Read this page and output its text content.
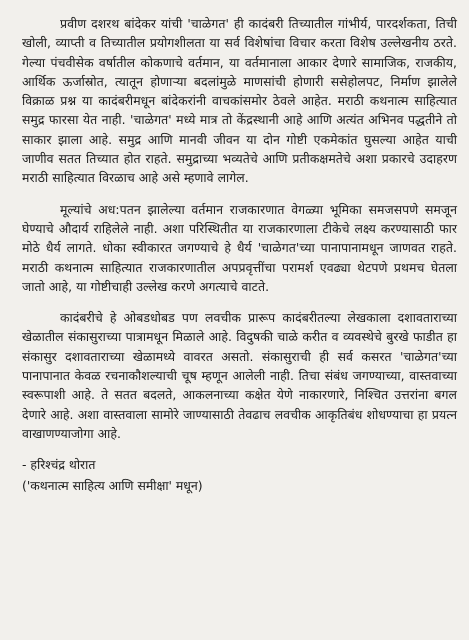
प्रवीण दशरथ बांदेकर यांची 'चाळेगत' ही कादंबरी तिच्यातील गांभीर्य, पारदर्शकता, तिची खोली, व्याप्ती व तिच्यातील प्रयोगशीलता या सर्व विशेषांचा विचार करता विशेष उल्लेखनीय ठरते. गेल्या पंचवीसेक वर्षातील कोकणाचे वर्तमान, या वर्तमानाला आकार देणारे सामाजिक, राजकीय, आर्थिक ऊर्जास्रोत, त्यातून होणाऱ्या बदलांमुळे माणसांची होणारी ससेहोलपट, निर्माण झालेले विक्राळ प्रश्न या कादंबरीमधून बांदेकरांनी वाचकांसमोर ठेवले आहेत. मराठी कथनात्म साहित्यात समुद्र फारसा येत नाही. 'चाळेगत' मध्ये मात्र तो केंद्रस्थानी आहे आणि अत्यंत अभिनव पद्धतीने तो साकार झाला आहे. समुद्र आणि मानवी जीवन या दोन गोष्टी एकमेकांत घुसल्या आहेत याची जाणीव सतत तिच्यात होत राहते. समुद्राच्या भव्यतेचे आणि प्रतीकक्षमतेचे अशा प्रकारचे उदाहरण मराठी साहित्यात विरळाच आहे असे म्हणावे लागेल.

मूल्यांचे अध:पतन झालेल्या वर्तमान राजकारणात वेगळ्या भूमिका समजसपणे समजून घेण्याचे औदार्य राहिलेले नाही. अशा परिस्थितीत या राजकारणाला टीकेचे लक्ष्य करण्यासाठी फार मोठे धैर्य लागते. धोका स्वीकारत जगण्याचे हे धैर्य 'चाळेगत'च्या पानापानामधून जाणवत राहते. मराठी कथनात्म साहित्यात राजकारणातील अपप्रवृत्तींचा परामर्श एवढ्या थेटपणे प्रथमच घेतला जातो आहे, या गोष्टीचाही उल्लेख करणे अगत्याचे वाटते.

कादंबरीचे हे ओबडधोबड पण लवचीक प्रारूप कादंबरीतल्या लेखकाला दशावताराच्या खेळातील संकासुराच्या पात्रामधून मिळाले आहे. विदुषकी चाळे करीत व व्यवस्थेचे बुरखे फाडीत हा संकासुर दशावताराच्या खेळामध्ये वावरत असतो. संकासुराची ही सर्व कसरत 'चाळेगत'च्या पानापानात केवळ रचनाकौशल्याची चूष म्हणून आलेली नाही. तिचा संबंध जगण्याच्या, वास्तवाच्या स्वरूपाशी आहे. ते सतत बदलते, आकलनाच्या कक्षेत येणे नाकारणारे, निश्चित उत्तरांना बगल देणारे आहे. अशा वास्तवाला सामोरे जाण्यासाठी तेवढाच लवचीक आकृतिबंध शोधण्याचा हा प्रयत्न वाखाणण्याजोगा आहे.

- हरिश्चंद्र थोरात

('कथनात्म साहित्य आणि समीक्षा' मधून)
